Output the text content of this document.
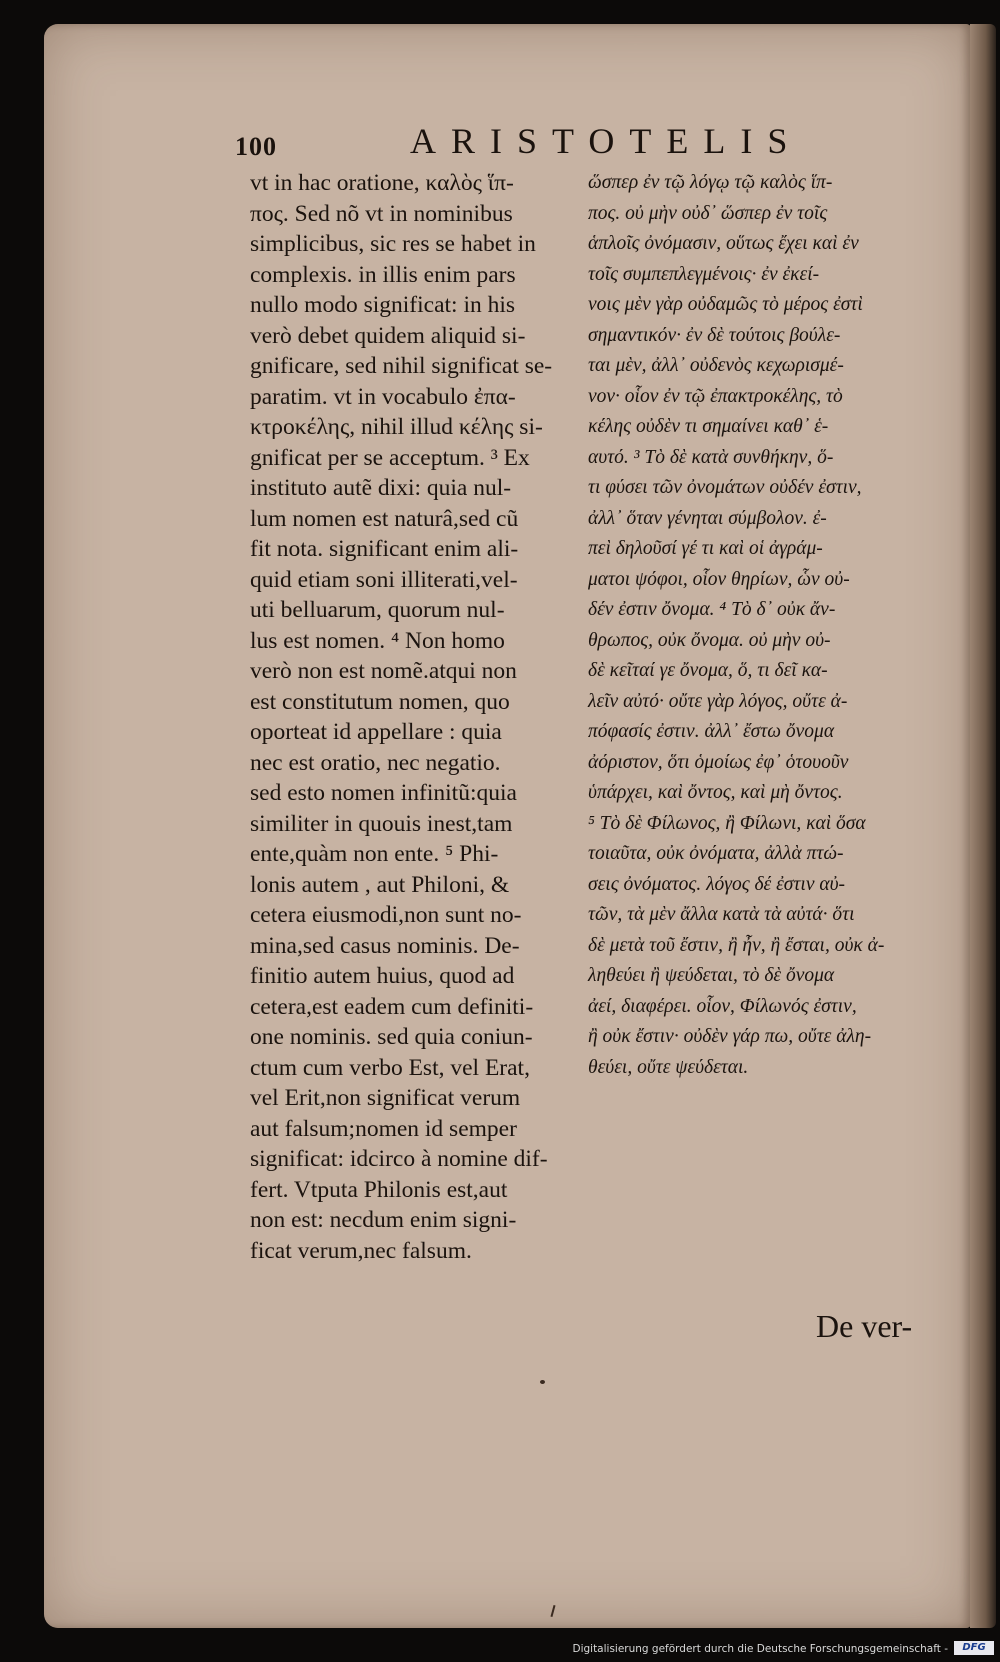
100	ARISTOTELIS
vt in hac oratione, καλὸς ἵπ-
πος. Sed nõ vt in nominibus
simplicibus, sic res se habet in
complexis. in illis enim pars
nullo modo significat: in his
verò debet quidem aliquid si-
gnificare, sed nihil significat se-
paratim. vt in vocabulo ἐπα-
κτροκέλης, nihil illud κέλης si-
gnificat per se acceptum. ³ Ex
instituto autẽ dixi: quia nul-
lum nomen est naturâ,sed cũ
fit nota. significant enim ali-
quid etiam soni illiterati,vel-
uti belluarum, quorum nul-
lus est nomen. ⁴ Non homo
verò non est nomẽ.atqui non
est constitutum nomen, quo
oporteat id appellare : quia
nec est oratio, nec negatio.
sed esto nomen infinitũ:quia
similiter in quouis inest,tam
ente,quàm non ente. ⁵ Phi-
lonis autem , aut Philoni, &
cetera eiusmodi,non sunt no-
mina,sed casus nominis. De-
finitio autem huius, quod ad
cetera,est eadem cum definiti-
one nominis. sed quia coniun-
ctum cum verbo Est, vel Erat,
vel Erit,non significat verum
aut falsum;nomen id semper
significat: idcirco à nomine dif-
fert. Vtputa Philonis est,aut
non est: necdum enim signi-
ficat verum,nec falsum.
ὥσπερ ἐν τῷ λόγῳ τῷ καλὸς ἵπ-
πος. οὐ μὴν οὐδ᾽ ὥσπερ ἐν τοῖς
ἁπλοῖς ὀνόμασιν, οὕτως ἔχει καὶ ἐν
τοῖς συμπεπλεγμένοις· ἐν ἐκεί-
νοις μὲν γὰρ οὐδαμῶς τὸ μέρος ἐστὶ
σημαντικόν· ἐν δὲ τούτοις βούλε-
ται μὲν, ἀλλ᾽ οὐδενὸς κεχωρισμέ-
νον· οἷον ἐν τῷ ἐπακτροκέλης, τὸ
κέλης οὐδὲν τι σημαίνει καθ᾽ ἑ-
αυτό. ³ Τὸ δὲ κατὰ συνθήκην, ὅ-
τι φύσει τῶν ὀνομάτων οὐδέν ἐστιν,
ἀλλ᾽ ὅταν γένηται σύμβολον. ἐ-
πεὶ δηλοῦσί γέ τι καὶ οἱ ἀγράμ-
ματοι ψόφοι, οἷον θηρίων, ὧν οὐ-
δέν ἐστιν ὄνομα. ⁴ Τὸ δ᾽ οὐκ ἄν-
θρωπος, οὐκ ὄνομα. οὐ μὴν οὐ-
δὲ κεῖταί γε ὄνομα, ὅ, τι δεῖ κα-
λεῖν αὐτό· οὔτε γὰρ λόγος, οὔτε ἀ-
πόφασίς ἐστιν. ἀλλ᾽ ἔστω ὄνομα
ἀόριστον, ὅτι ὁμοίως ἐφ᾽ ὁτουοῦν
ὑπάρχει, καὶ ὄντος, καὶ μὴ ὄντος.
⁵ Τὸ δὲ Φίλωνος, ἢ Φίλωνι, καὶ ὅσα
τοιαῦτα, οὐκ ὀνόματα, ἀλλὰ πτώ-
σεις ὀνόματος. λόγος δέ ἐστιν αὐ-
τῶν, τὰ μὲν ἄλλα κατὰ τὰ αὐτά· ὅτι
δὲ μετὰ τοῦ ἔστιν, ἢ ἦν, ἢ ἔσται, οὐκ ἀ-
ληθεύει ἢ ψεύδεται, τὸ δὲ ὄνομα
ἀεί, διαφέρει. οἷον, Φίλωνός ἐστιν,
ἢ οὐκ ἔστιν· οὐδὲν γάρ πω, οὔτε ἀλη-
θεύει, οὔτε ψεύδεται.
De ver-
Digitalisierung gefördert durch die Deutsche Forschungsgemeinschaft -	DFG
